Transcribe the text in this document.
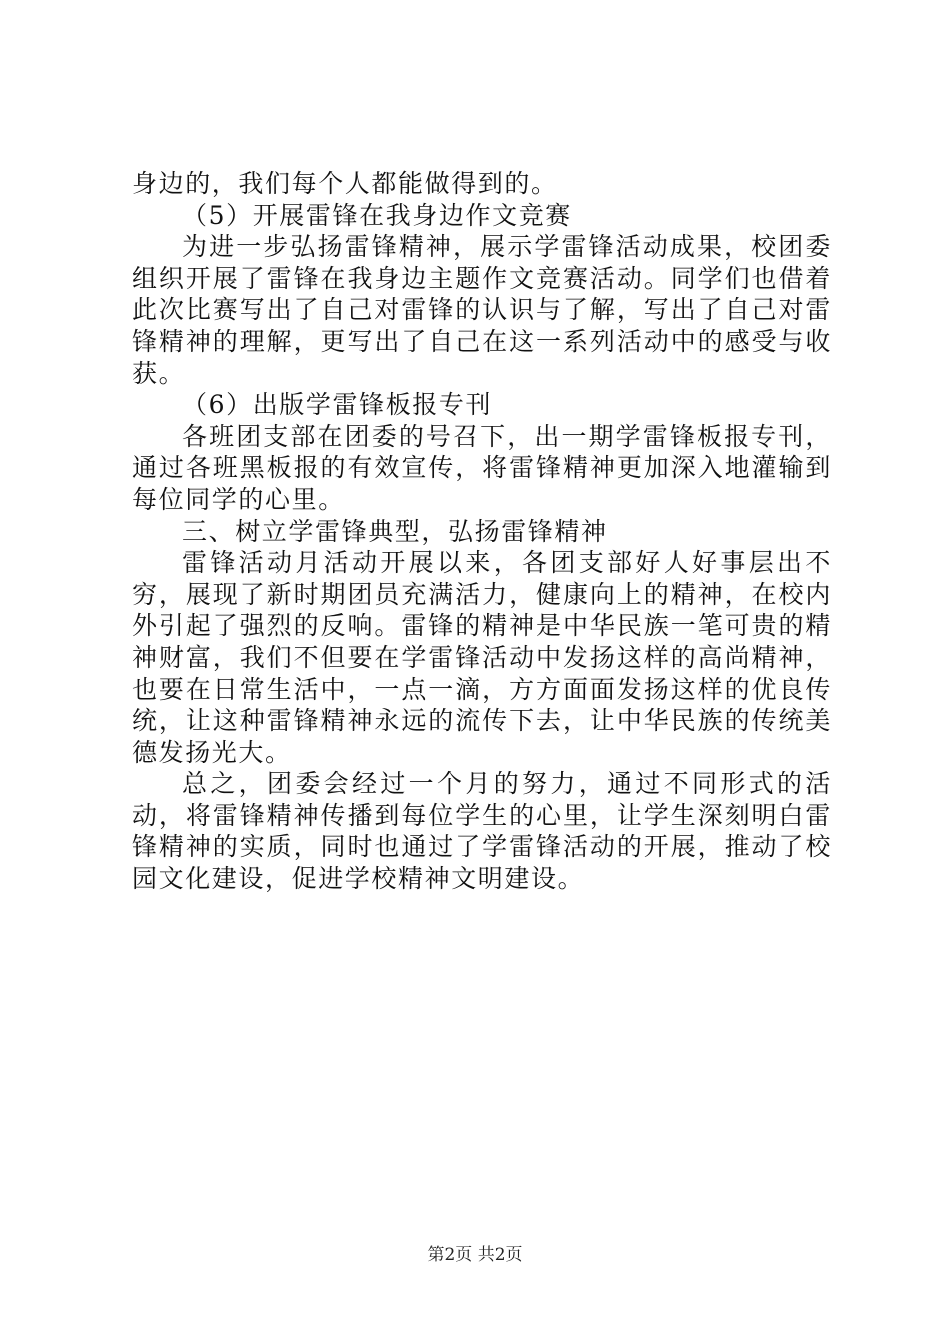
身边的，我们每个人都能做得到的。

（5）开展雷锋在我身边作文竞赛

为进一步弘扬雷锋精神，展示学雷锋活动成果，校团委组织开展了雷锋在我身边主题作文竞赛活动。同学们也借着此次比赛写出了自己对雷锋的认识与了解，写出了自己对雷锋精神的理解，更写出了自己在这一系列活动中的感受与收获。

（6）出版学雷锋板报专刊

各班团支部在团委的号召下，出一期学雷锋板报专刊，通过各班黑板报的有效宣传，将雷锋精神更加深入地灌输到每位同学的心里。

三、树立学雷锋典型，弘扬雷锋精神

雷锋活动月活动开展以来，各团支部好人好事层出不穷，展现了新时期团员充满活力，健康向上的精神，在校内外引起了强烈的反响。雷锋的精神是中华民族一笔可贵的精神财富，我们不但要在学雷锋活动中发扬这样的高尚精神，也要在日常生活中，一点一滴，方方面面发扬这样的优良传统，让这种雷锋精神永远的流传下去，让中华民族的传统美德发扬光大。

总之，团委会经过一个月的努力，通过不同形式的活动，将雷锋精神传播到每位学生的心里，让学生深刻明白雷锋精神的实质，同时也通过了学雷锋活动的开展，推动了校园文化建设，促进学校精神文明建设。

第2页 共2页
